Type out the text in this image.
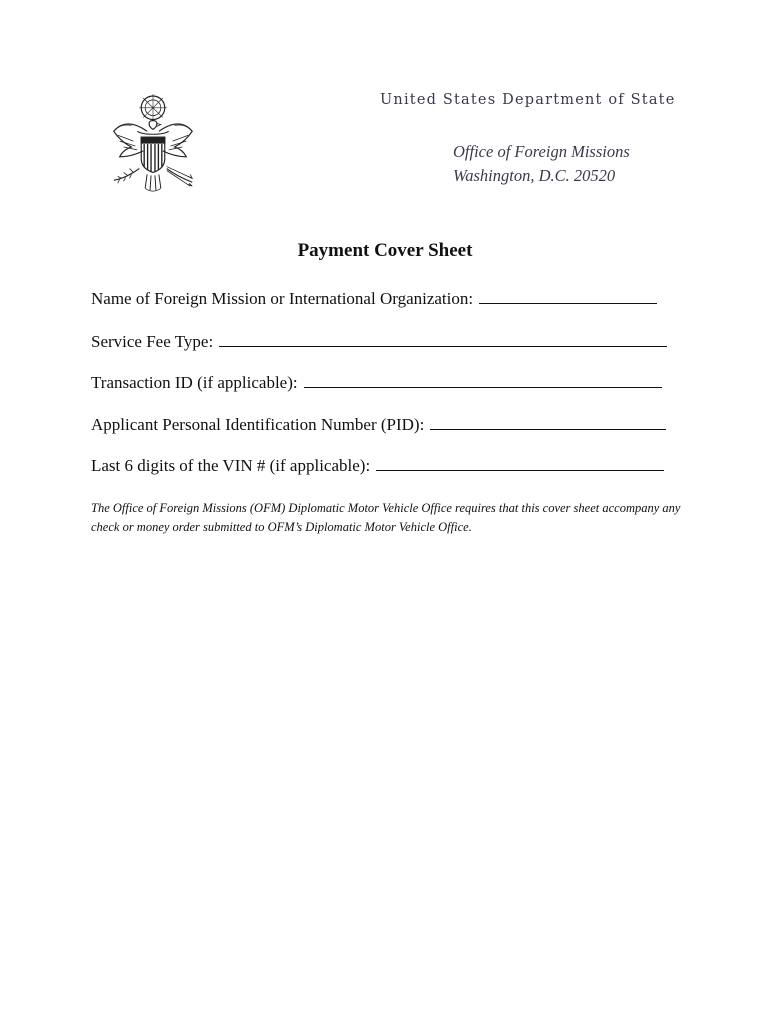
United States Department of State
Office of Foreign Missions
Washington, D.C. 20520
Payment Cover Sheet
Name of Foreign Mission or International Organization:
Service Fee Type:
Transaction ID (if applicable):
Applicant Personal Identification Number (PID):
Last 6 digits of the VIN # (if applicable):
The Office of Foreign Missions (OFM) Diplomatic Motor Vehicle Office requires that this cover sheet accompany any check or money order submitted to OFM’s Diplomatic Motor Vehicle Office.
